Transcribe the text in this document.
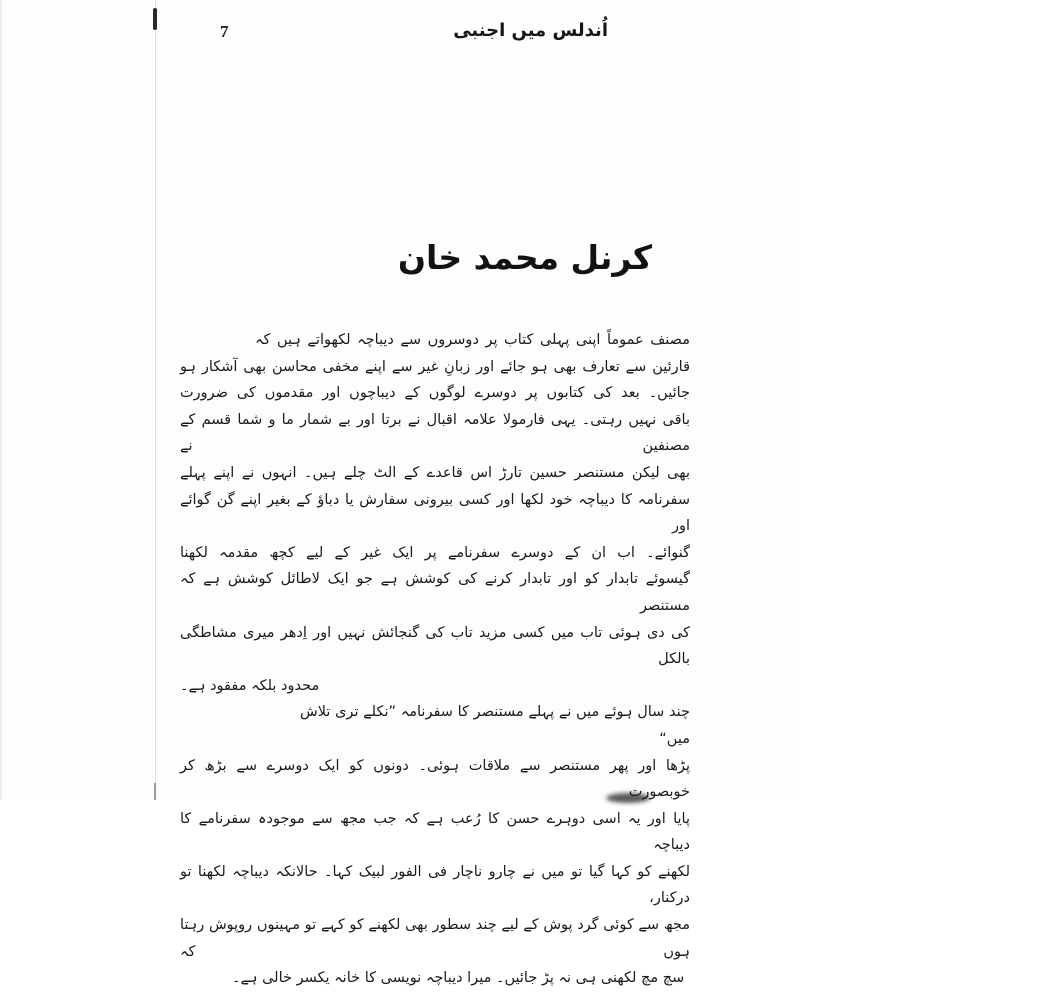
7	اُندلس میں اجنبی
کرنل محمد خان
مصنف عموماً اپنی پہلی کتاب پر دوسروں سے دیباچہ لکھواتے ہیں کہ
قارئین سے تعارف بھی ہو جائے اور زبانِ غیر سے اپنے مخفی محاسن بھی آشکار ہو
جائیں۔ بعد کی کتابوں پر دوسرے لوگوں کے دیباچوں اور مقدموں کی ضرورت
باقی نہیں رہتی۔ یہی فارمولا علامہ اقبال نے برتا اور بے شمار ما و شما قسم کے مصنفین نے
بھی لیکن مستنصر حسین تارڑ اس قاعدے کے الٹ چلے ہیں۔ انہوں نے اپنے پہلے
سفرنامہ کا دیباچہ خود لکھا اور کسی بیرونی سفارش یا دباؤ کے بغیر اپنے گن گوائے اور
گنوائے۔ اب ان کے دوسرے سفرنامے پر ایک غیر کے لیے کچھ مقدمہ لکھنا
گیسوئے تابدار کو اور تابدار کرنے کی کوشش ہے جو ایک لاطائل کوشش ہے کہ مستنصر
کی دی ہوئی تاب میں کسی مزید تاب کی گنجائش نہیں اور اِدھر میری مشاطگی بالکل
محدود بلکہ مفقود ہے۔
چند سال ہوئے میں نے پہلے مستنصر کا سفرنامہ ”نکلے تری تلاش میں“
پڑھا اور پھر مستنصر سے ملاقات ہوئی۔ دونوں کو ایک دوسرے سے بڑھ کر خوبصورت
پایا اور یہ اسی دوہرے حسن کا رُعب ہے کہ جب مجھ سے موجودہ سفرنامے کا دیباچہ
لکھنے کو کہا گیا تو میں نے چارو ناچار فی الفور لبیک کہا۔ حالانکہ دیباچہ لکھنا تو درکنار،
مجھ سے کوئی گرد پوش کے لیے چند سطور بھی لکھنے کو کہے تو مہینوں روپوش رہتا ہوں کہ
سچ مچ لکھنی ہی نہ پڑ جائیں۔ میرا دیباچہ نویسی کا خانہ یکسر خالی ہے۔
